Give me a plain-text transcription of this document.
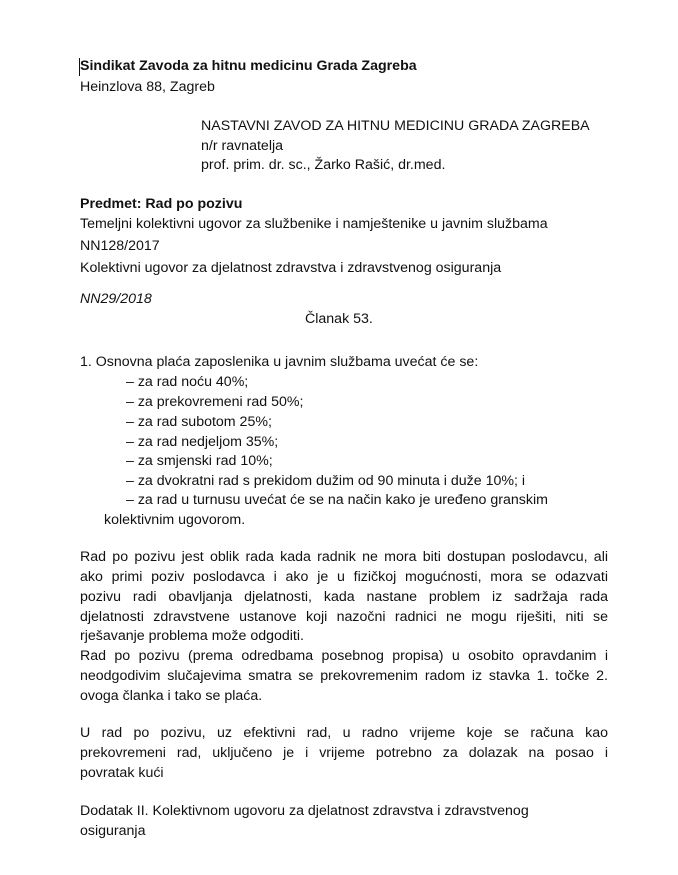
Sindikat Zavoda za hitnu medicinu Grada Zagreba
Heinzlova 88, Zagreb
NASTAVNI ZAVOD ZA HITNU MEDICINU GRADA ZAGREBA
n/r ravnatelja
prof. prim. dr. sc., Žarko Rašić, dr.med.
Predmet: Rad po pozivu
Temeljni kolektivni ugovor za službenike i namještenike u javnim službama
NN128/2017
Kolektivni ugovor za djelatnost zdravstva i zdravstvenog osiguranja
NN29/2018
Članak 53.
1. Osnovna plaća zaposlenika u javnim službama uvećat će se:
– za rad noću 40%;
– za prekovremeni rad 50%;
– za rad subotom 25%;
– za rad nedjeljom 35%;
– za smjenski rad 10%;
– za dvokratni rad s prekidom dužim od 90 minuta i duže 10%; i
– za rad u turnusu uvećat će se na način kako je uređeno granskim
kolektivnim ugovorom.
Rad po pozivu jest oblik rada kada radnik ne mora biti dostupan poslodavcu, ali
ako primi poziv poslodavca i ako je u fizičkoj mogućnosti, mora se odazvati
pozivu radi obavljanja djelatnosti, kada nastane problem iz sadržaja rada
djelatnosti zdravstvene ustanove koji nazočni radnici ne mogu riješiti, niti se
rješavanje problema može odgoditi.
Rad po pozivu (prema odredbama posebnog propisa) u osobito opravdanim i
neodgodivim slučajevima smatra se prekovremenim radom iz stavka 1. točke 2.
ovoga članka i tako se plaća.
U rad po pozivu, uz efektivni rad, u radno vrijeme koje se računa kao
prekovremeni rad, uključeno je i vrijeme potrebno za dolazak na posao i
povratak kući
Dodatak II. Kolektivnom ugovoru za djelatnost zdravstva i zdravstvenog
osiguranja
